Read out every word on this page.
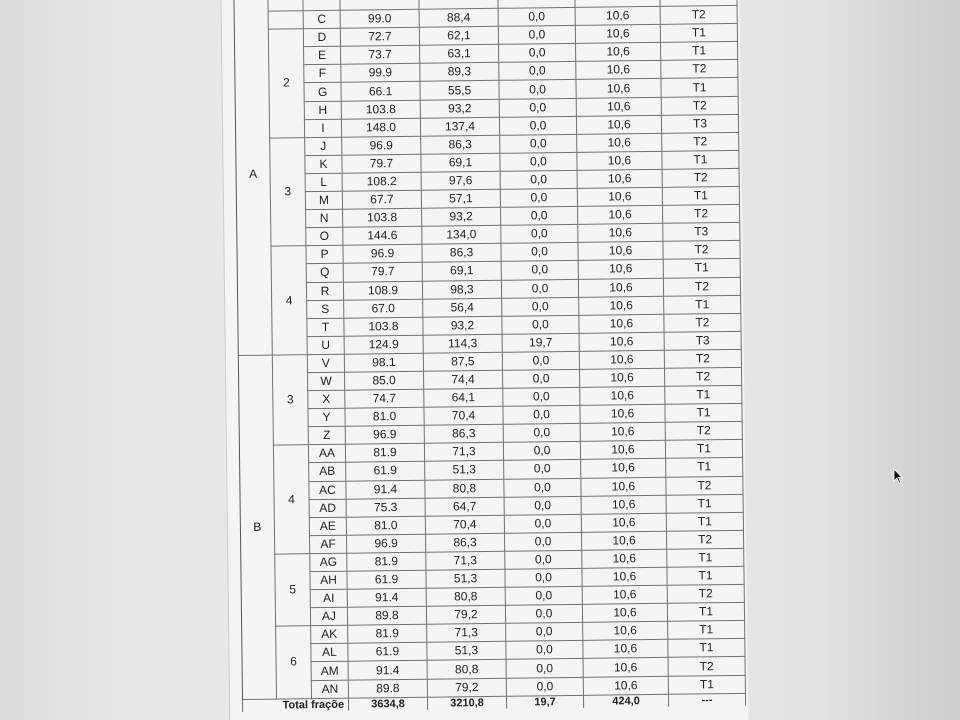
A							
		C	99.0	88,4	0,0	10,6	T2
	2	D	72.7	62,1	0,0	10,6	T1
		E	73.7	63,1	0,0	10,6	T1
		F	99.9	89,3	0,0	10,6	T2
		G	66.1	55,5	0,0	10,6	T1
		H	103.8	93,2	0,0	10,6	T2
		I	148.0	137,4	0,0	10,6	T3
	3	J	96.9	86,3	0,0	10,6	T2
		K	79.7	69,1	0,0	10,6	T1
		L	108.2	97,6	0,0	10,6	T2
		M	67.7	57,1	0,0	10,6	T1
		N	103.8	93,2	0,0	10,6	T2
		O	144.6	134,0	0,0	10,6	T3
	4	P	96.9	86,3	0,0	10,6	T2
		Q	79.7	69,1	0,0	10,6	T1
		R	108.9	98,3	0,0	10,6	T2
		S	67.0	56,4	0,0	10,6	T1
		T	103.8	93,2	0,0	10,6	T2
		U	124.9	114,3	19,7	10,6	T3
B	3	V	98.1	87,5	0,0	10,6	T2
		W	85.0	74,4	0,0	10,6	T2
		X	74.7	64,1	0,0	10,6	T1
		Y	81.0	70,4	0,0	10,6	T1
		Z	96.9	86,3	0,0	10,6	T2
	4	AA	81.9	71,3	0,0	10,6	T1
		AB	61.9	51,3	0,0	10,6	T1
		AC	91.4	80,8	0,0	10,6	T2
		AD	75.3	64,7	0,0	10,6	T1
		AE	81.0	70,4	0,0	10,6	T1
		AF	96.9	86,3	0,0	10,6	T2
	5	AG	81.9	71,3	0,0	10,6	T1
		AH	61.9	51,3	0,0	10,6	T1
		AI	91.4	80,8	0,0	10,6	T2
		AJ	89.8	79,2	0,0	10,6	T1
	6	AK	81.9	71,3	0,0	10,6	T1
		AL	61.9	51,3	0,0	10,6	T1
		AM	91.4	80,8	0,0	10,6	T2
		AN	89.8	79,2	0,0	10,6	T1
Total fraçõe			3634,8	3210,8	19,7	424,0	---
